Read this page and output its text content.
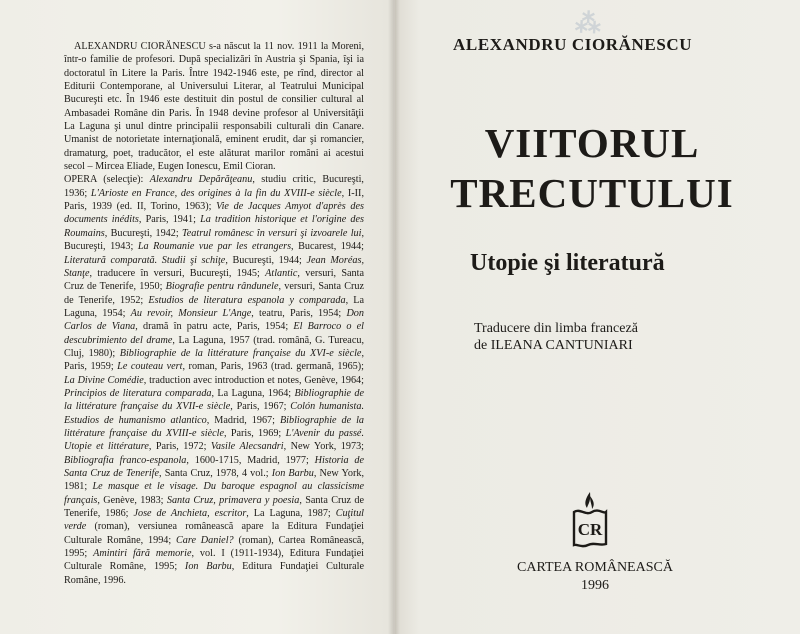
ALEXANDRU CIORĂNESCU s-a născut la 11 nov. 1911 la Moreni, într-o familie de profesori. După specializări în Austria şi Spania, îşi ia doctoratul în Litere la Paris. Între 1942-1946 este, pe rînd, director al Editurii Contemporane, al Universului Literar, al Teatrului Municipal Bucureşti etc. În 1946 este destituit din postul de consilier cultural al Ambasadei Române din Paris. În 1948 devine profesor al Universităţii La Laguna şi unul dintre principalii responsabili culturali din Canare. Umanist de notorietate internaţională, eminent erudit, dar şi romancier, dramaturg, poet, traducător, el este alăturat marilor români ai acestui secol – Mircea Eliade, Eugen Ionescu, Emil Cioran.
OPERA (selecţie): Alexandru Depărăţeanu, studiu critic, Bucureşti, 1936; L'Arioste en France, des origines à la fin du XVIII-e siècle, I-II, Paris, 1939 (ed. II, Torino, 1963); Vie de Jacques Amyot d'après des documents inédits, Paris, 1941; La tradition historique et l'origine des Roumains, Bucureşti, 1942; Teatrul românesc în versuri şi izvoarele lui, Bucureşti, 1943; La Roumanie vue par les etrangers, Bucarest, 1944; Literatură comparată. Studii şi schiţe, Bucureşti, 1944; Jean Moréas, Stanţe, traducere în versuri, Bucureşti, 1945; Atlantic, versuri, Santa Cruz de Tenerife, 1950; Biografie pentru rândunele, versuri, Santa Cruz de Tenerife, 1952; Estudios de literatura espanola y comparada, La Laguna, 1954; Au revoir, Monsieur L'Ange, teatru, Paris, 1954; Don Carlos de Viana, dramă în patru acte, Paris, 1954; El Barroco o el descubrimiento del drame, La Laguna, 1957 (trad. română, G. Tureacu, Cluj, 1980); Bibliographie de la littérature française du XVI-e siècle, Paris, 1959; Le couteau vert, roman, Paris, 1963 (trad. germană, 1965); La Divine Comédie, traduction avec introduction et notes, Genève, 1964; Principios de literatura comparada, La Laguna, 1964; Bibliographie de la littérature française du XVII-e siècle, Paris, 1967; Colón humanista. Estudios de humanismo atlantico, Madrid, 1967; Bibliographie de la littérature française du XVIII-e siècle, Paris, 1969; L'Avenir du passé. Utopie et littérature, Paris, 1972; Vasile Alecsandri, New York, 1973; Bibliografia franco-espanola, 1600-1715, Madrid, 1977; Historia de Santa Cruz de Tenerife, Santa Cruz, 1978, 4 vol.; Ion Barbu, New York, 1981; Le masque et le visage. Du baroque espagnol au classicisme français, Genève, 1983; Santa Cruz, primavera y poesia, Santa Cruz de Tenerife, 1986; Jose de Anchieta, escritor, La Laguna, 1987; Cuţitul verde (roman), versiunea românească apare la Editura Fundaţiei Culturale Române, 1994; Care Daniel? (roman), Cartea Românească, 1995; Amintiri fără memorie, vol. I (1911-1934), Editura Fundaţiei Culturale Române, 1995; Ion Barbu, Editura Fundaţiei Culturale Române, 1996.

⁂

ALEXANDRU CIORĂNESCU

VIITORUL
TRECUTULUI

Utopie şi literatură

Traducere din limba franceză
de ILEANA CANTUNIARI

CR

CARTEA ROMÂNEASCĂ
1996
